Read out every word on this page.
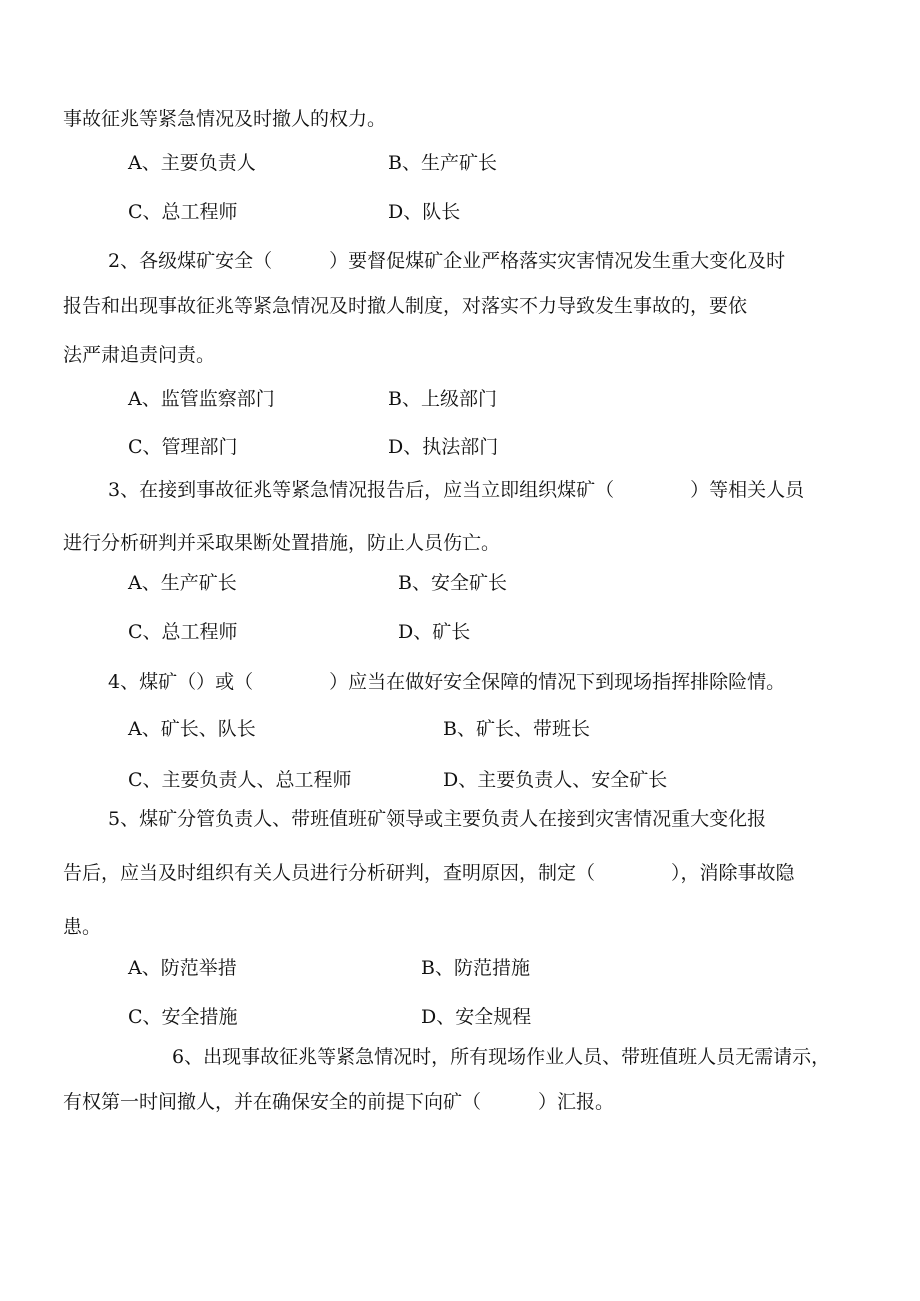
事故征兆等紧急情况及时撤人的权力。
A、主要负责人	B、生产矿长
C、总工程师	D、队长
2、各级煤矿安全（　　　）要督促煤矿企业严格落实灾害情况发生重大变化及时
报告和出现事故征兆等紧急情况及时撤人制度，对落实不力导致发生事故的，要依
法严肃追责问责。
A、监管监察部门	B、上级部门
C、管理部门	D、执法部门
3、在接到事故征兆等紧急情况报告后，应当立即组织煤矿（　　　　）等相关人员
进行分析研判并采取果断处置措施，防止人员伤亡。
A、生产矿长	B、安全矿长
C、总工程师	D、矿长
4、煤矿（）或（　　　　）应当在做好安全保障的情况下到现场指挥排除险情。
A、矿长、队长	B、矿长、带班长
C、主要负责人、总工程师	D、主要负责人、安全矿长
5、煤矿分管负责人、带班值班矿领导或主要负责人在接到灾害情况重大变化报
告后，应当及时组织有关人员进行分析研判，查明原因，制定（　　　　），消除事故隐
患。
A、防范举措	B、防范措施
C、安全措施	D、安全规程
6、出现事故征兆等紧急情况时，所有现场作业人员、带班值班人员无需请示，
有权第一时间撤人，并在确保安全的前提下向矿（　　　）汇报。
